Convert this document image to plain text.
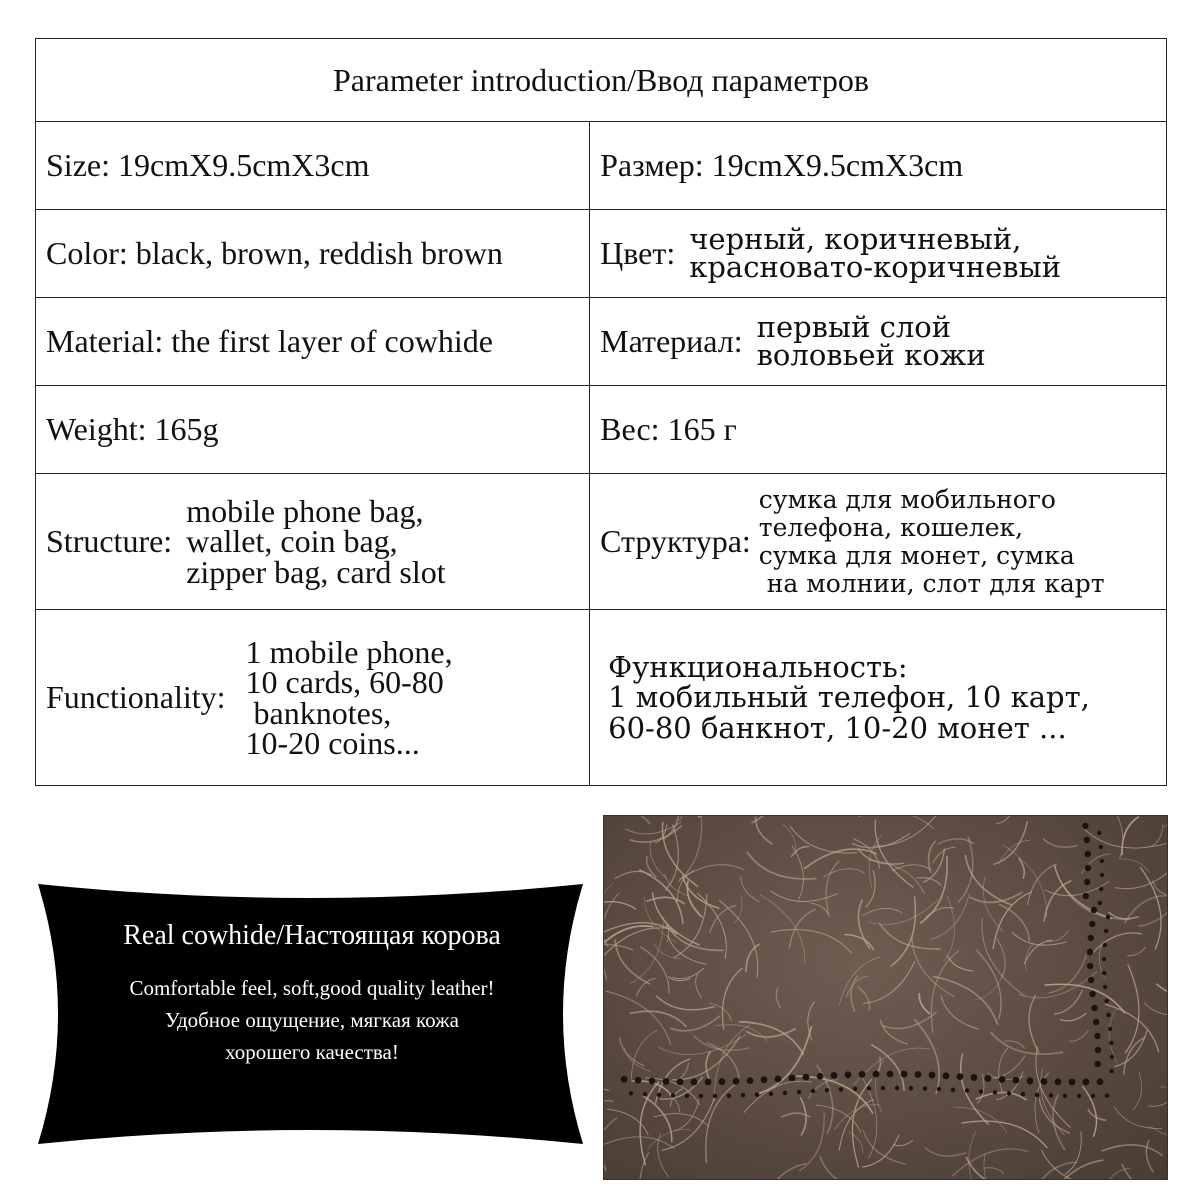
Parameter introduction/Ввод параметров	
Size: 19cmX9.5cmX3cm	Размер: 19cmX9.5cmX3cm
Color: black, brown, reddish brown	Цвет: черный, коричневый,
красновато-коричневый

Material: the first layer of cowhide	Материал: первый слой
воловьей кожи

Weight: 165g	Вес: 165 г

Structure:
mobile phone bag,
wallet, coin bag,
zipper bag, card slot	Структура:
сумка для мобильного
телефона, кошелек,
сумка для монет, сумка
на молнии, слот для карт

Functionality:
1 mobile phone,
10 cards, 60-80
banknotes,
10-20 coins...	Функциональность:
1 мобильный телефон, 10 карт,
60-80 банкнот, 10-20 монет ...
Real cowhide/Настоящая корова
Comfortable feel, soft,good quality leather!
Удобное ощущение, мягкая кожа
хорошего качества!
